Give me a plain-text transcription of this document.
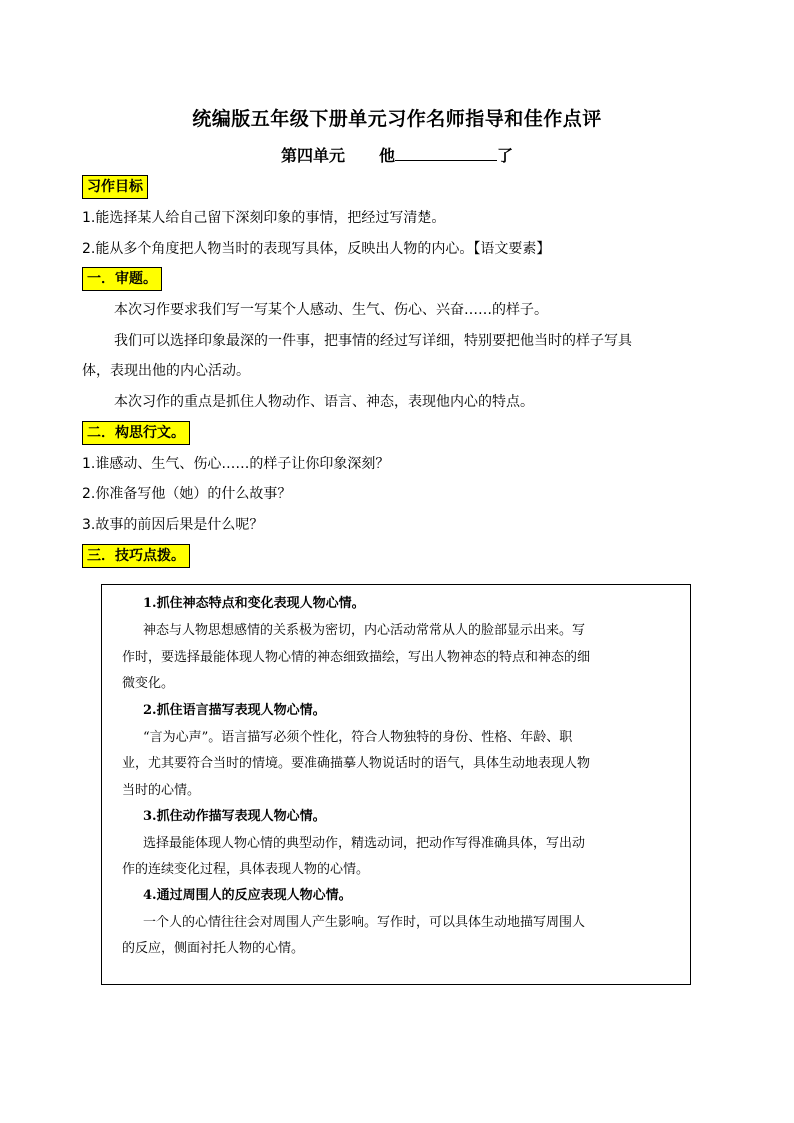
统编版五年级下册单元习作名师指导和佳作点评
第四单元 他	了
习作目标
1.能选择某人给自己留下深刻印象的事情，把经过写清楚。
2.能从多个角度把人物当时的表现写具体，反映出人物的内心。【语文要素】
一．审题。
本次习作要求我们写一写某个人感动、生气、伤心、兴奋……的样子。
我们可以选择印象最深的一件事，把事情的经过写详细，特别要把他当时的样子写具
体，表现出他的内心活动。
本次习作的重点是抓住人物动作、语言、神态，表现他内心的特点。
二．构思行文。
1.谁感动、生气、伤心……的样子让你印象深刻？
2.你准备写他（她）的什么故事？
3.故事的前因后果是什么呢？
三．技巧点拨。
1.抓住神态特点和变化表现人物心情。
神态与人物思想感情的关系极为密切，内心活动常常从人的脸部显示出来。写
作时，要选择最能体现人物心情的神态细致描绘，写出人物神态的特点和神态的细
微变化。
2.抓住语言描写表现人物心情。
“言为心声”。语言描写必须个性化，符合人物独特的身份、性格、年龄、职
业，尤其要符合当时的情境。要准确描摹人物说话时的语气，具体生动地表现人物
当时的心情。
3.抓住动作描写表现人物心情。
选择最能体现人物心情的典型动作，精选动词，把动作写得准确具体，写出动
作的连续变化过程，具体表现人物的心情。
4.通过周围人的反应表现人物心情。
一个人的心情往往会对周围人产生影响。写作时，可以具体生动地描写周围人
的反应，侧面衬托人物的心情。
